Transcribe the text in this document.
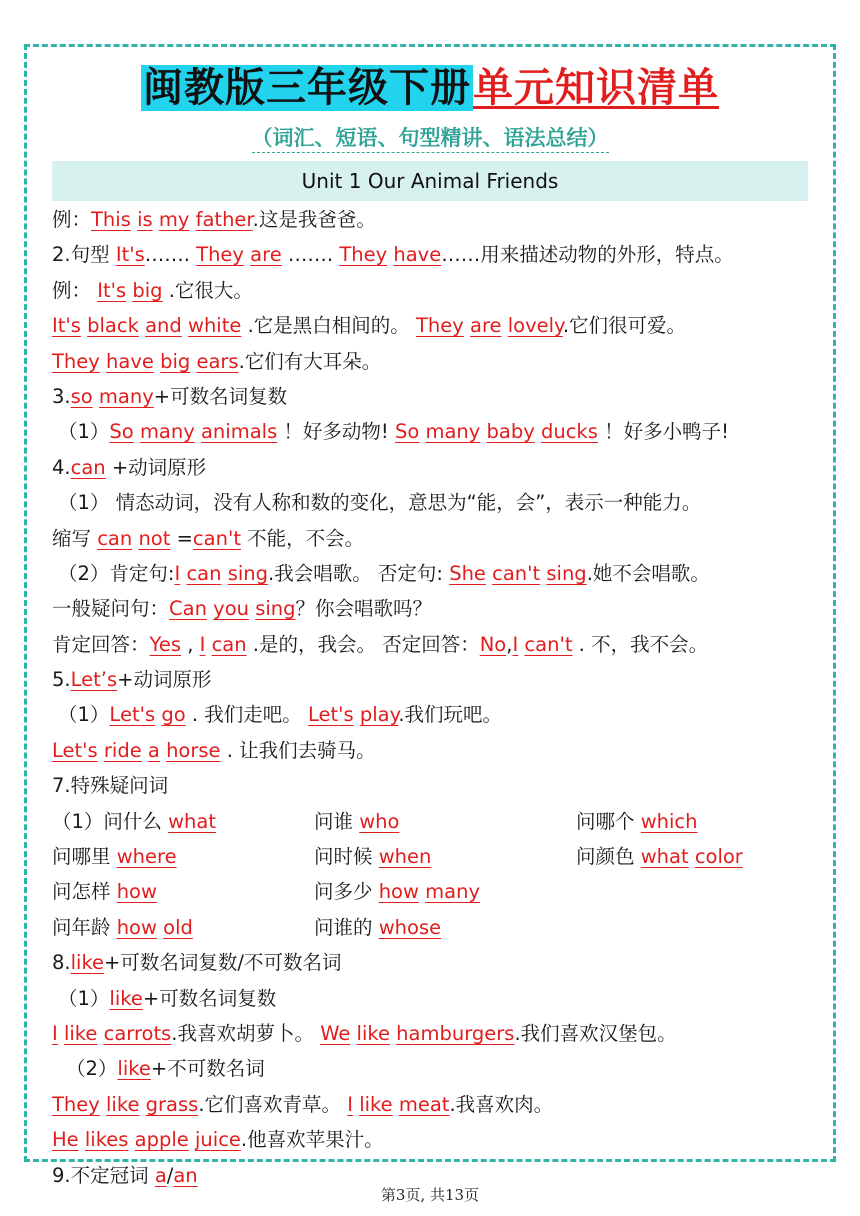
闽教版三年级下册单元知识清单
（词汇、短语、句型精讲、语法总结）
Unit 1 Our Animal Friends
例：This is my father.这是我爸爸。
2.句型 It's……. They are ……. They have……用来描述动物的外形，特点。
例： It's big .它很大。
It's black and white .它是黑白相间的。 They are lovely.它们很可爱。
They have big ears.它们有大耳朵。
3.so many+可数名词复数
（1）So many animals ！好多动物! So many baby ducks ！好多小鸭子!
4.can +动词原形
（1） 情态动词，没有人称和数的变化，意思为“能，会”，表示一种能力。
缩写 can not =can't 不能，不会。
（2）肯定句:I can sing.我会唱歌。 否定句: She can't sing.她不会唱歌。
一般疑问句：Can you sing？你会唱歌吗？
肯定回答：Yes , I can .是的，我会。 否定回答：No,I can't . 不，我不会。
5.Let’s+动词原形
（1）Let's go . 我们走吧。 Let's play.我们玩吧。
Let's ride a horse . 让我们去骑马。
7.特殊疑问词
（1）问什么 what	问谁 who	问哪个 which
问哪里 where	问时候 when	问颜色 what color
问怎样 how	问多少 how many
问年龄 how old	问谁的 whose
8.like+可数名词复数/不可数名词
（1）like+可数名词复数
I like carrots.我喜欢胡萝卜。 We like hamburgers.我们喜欢汉堡包。
（2）like+不可数名词
They like grass.它们喜欢青草。 I like meat.我喜欢肉。
He likes apple juice.他喜欢苹果汁。
9.不定冠词 a/an
第3页, 共13页
